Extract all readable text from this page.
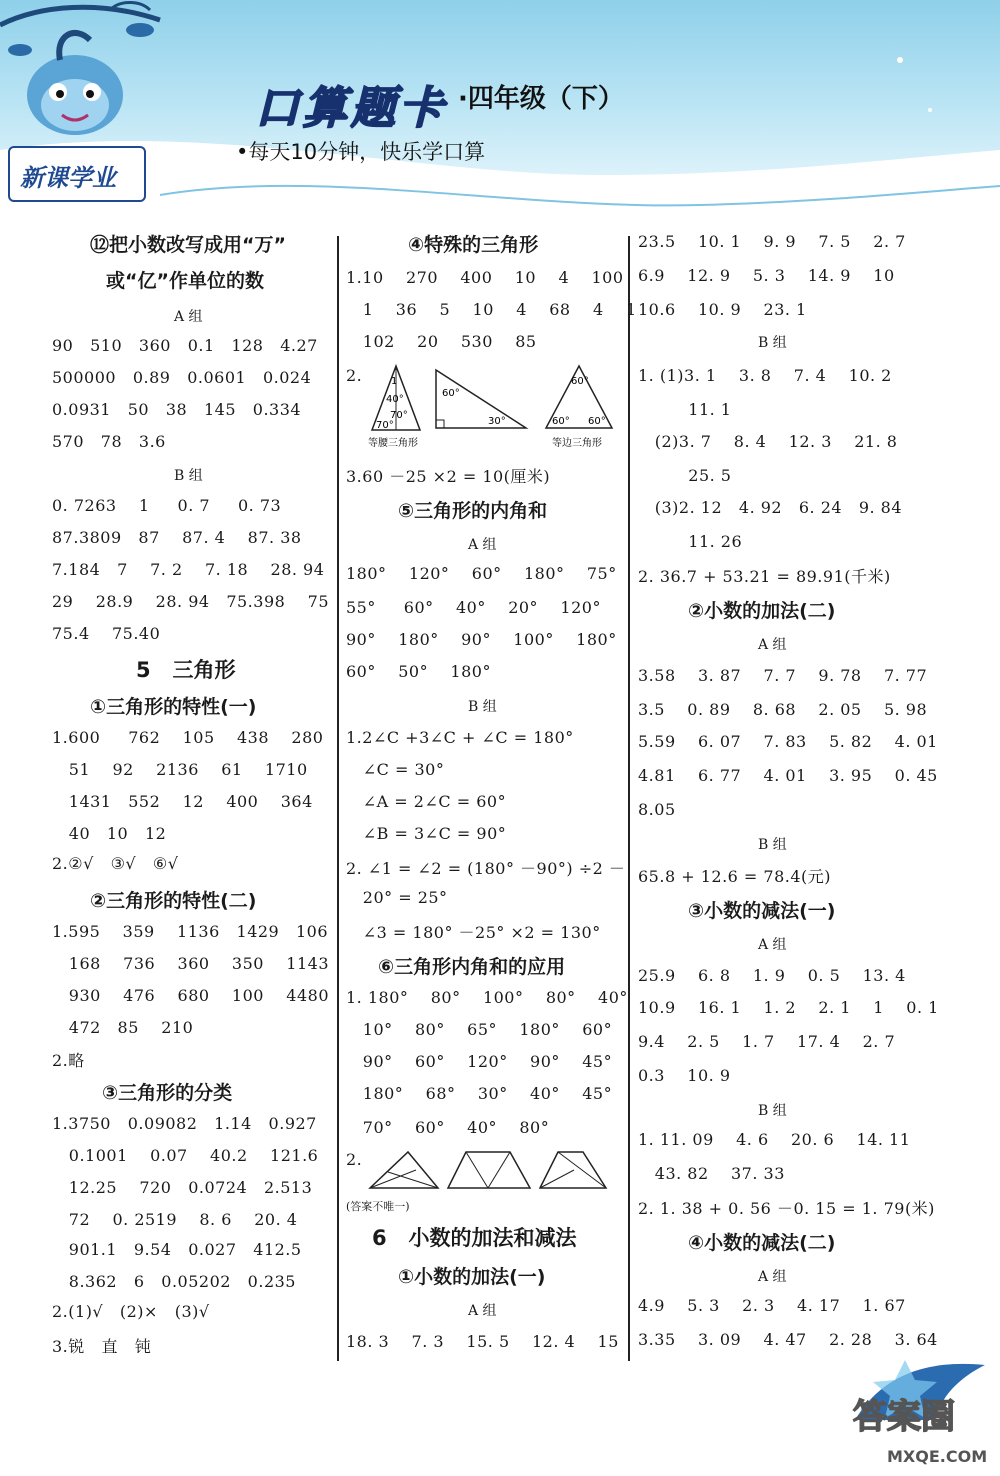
新课学业
口算题卡 ·四年级（下）
•每天10分钟，快乐学口算
⑫把小数改写成用“万”
或“亿”作单位的数
A 组
90   510   360   0.1   128   4.27
500000   0.89   0.0601   0.024
0.0931   50   38   145   0.334
570   78   3.6
B 组
0. 7263    1     0. 7     0. 73
87.3809   87    87. 4    87. 38
7.184   7    7. 2    7. 18    28. 94
29    28.9    28. 94   75.398    75
75.4    75.40
5   三角形
①三角形的特性(一)
1.600     762    105    438    280
51    92    2136    61    1710
1431   552    12    400    364
40   10   12
2.②√   ③√   ⑥√
②三角形的特性(二)
1.595    359    1136   1429   106
168    736    360    350    1143
930    476    680    100    4480
472   85    210
2.略
③三角形的分类
1.3750   0.09082   1.14   0.927
0.1001    0.07    40.2    121.6
12.25    720   0.0724   2.513
72    0. 2519    8. 6    20. 4
901.1   9.54   0.027   412.5
8.362   6   0.05202   0.235
2.(1)√   (2)×   (3)√
3.锐   直   钝
④特殊的三角形
1.10    270    400    10    4    100
1    36    5    10    4    68    4    1
102    20    530    85
2.	1
40°
70°
70°
等腰三角形
60°
30°
60°
60° 60°
等边三角形
3.60 －25 ×2 = 10(厘米)
⑤三角形的内角和
A 组
180°    120°    60°    180°    75°
55°     60°    40°    20°    120°
90°    180°    90°    100°    180°
60°    50°    180°
B 组
1.2∠C +3∠C + ∠C = 180°
∠C = 30°
∠A = 2∠C = 60°
∠B = 3∠C = 90°
2. ∠1 = ∠2 = (180° －90°) ÷2 －
20° = 25°
∠3 = 180° －25° ×2 = 130°
⑥三角形内角和的应用
1. 180°    80°    100°    80°    40°
10°    80°    65°    180°    60°
90°    60°    120°    90°    45°
180°    68°    30°    40°    45°
70°    60°    40°    80°
2.
(答案不唯一)
6   小数的加法和减法
①小数的加法(一)
A 组
18. 3    7. 3    15. 5    12. 4    15
23.5    10. 1    9. 9    7. 5    2. 7
6.9    12. 9    5. 3    14. 9    10
10.6    10. 9    23. 1
B 组
1. (1)3. 1    3. 8    7. 4    10. 2
11. 1
(2)3. 7    8. 4    12. 3    21. 8
25. 5
(3)2. 12   4. 92   6. 24   9. 84
11. 26
2. 36.7 + 53.21 = 89.91(千米)
②小数的加法(二)
A 组
3.58    3. 87    7. 7    9. 78    7. 77
3.5    0. 89    8. 68    2. 05    5. 98
5.59    6. 07    7. 83    5. 82    4. 01
4.81    6. 77    4. 01    3. 95    0. 45
8.05
B 组
65.8 + 12.6 = 78.4(元)
③小数的减法(一)
A 组
25.9    6. 8    1. 9    0. 5    13. 4
10.9    16. 1    1. 2    2. 1    1    0. 1
9.4    2. 5    1. 7    17. 4    2. 7
0.3    10. 9
B 组
1. 11. 09    4. 6    20. 6    14. 11
43. 82    37. 33
2. 1. 38 + 0. 56 －0. 15 = 1. 79(米)
④小数的减法(二)
A 组
4.9    5. 3    2. 3    4. 17    1. 67
3.35    3. 09    4. 47    2. 28    3. 64
答案圈
MXQE.COM
